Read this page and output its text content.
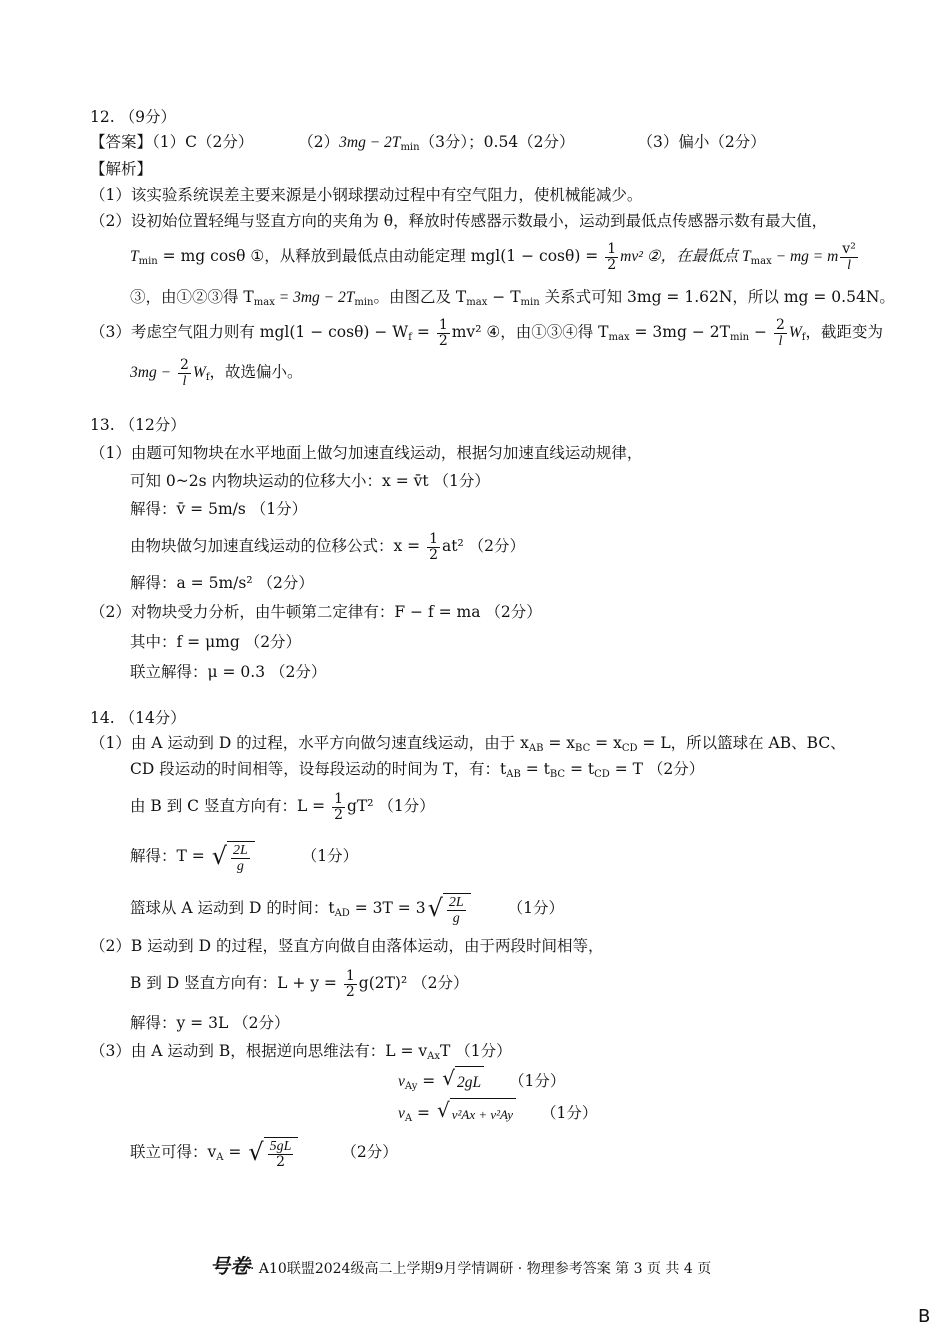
12. （9分）
【答案】（1）C（2分）	$(2)3mg - 2T_{min}(3$分）；0.54（2分）	（3）偏小（2分）
【解析】
（1）该实验系统误差主要来源是小钢球摆动过程中有空气阻力，使机械能减少。
（2）设初始位置轻绳与竖直方向的夹角为 θ，释放时传感器示数最小，运动到最低点传感器示数有最大值，
$T_{min}$ = mg cosθ ①，从释放到最低点由动能定理 $mgl(1 - \cos\theta) = \frac{1}{2} mv^2$ ②，在最低点 $T_{max}$ − mg = m $\frac{\text{v²}}{l}$
③，由①②③得 $T_{max} = 3mg - 2T_{min}$。由图乙及 $T_{max} - T_{min}$ 关系式可知 3mg = 1.62N，所以 mg = 0.54N。
（3）考虑空气阻力则有 $mgl(1 - \cos\theta) - W_f = \frac{1}{2} mv^2$ ④，由①③④得 $T_{max} = 3mg - 2T_{min} - \frac{2}{l} W_f$，截距变为
$3mg - \frac{2}{l} W_f$，故选偏小。
13. （12分）
（1）由题可知物块在水平地面上做匀加速直线运动，根据匀加速直线运动规律，
可知 0~2s 内物块运动的位移大小：x = v̄t （1分）
解得：v̄ = 5m/s （1分）
由物块做匀加速直线运动的位移公式：$x = \frac{1}{2} at^2$ （2分）
解得：a = 5m/s² （2分）
（2）对物块受力分析，由牛顿第二定律有：F − f = ma （2分）
其中：f = μmg （2分）
联立解得：μ = 0.3 （2分）
14. （14分）
（1）由 A 运动到 D 的过程，水平方向做匀速直线运动，由于 $x_{AB} = x_{BC} = x_{CD} = L$，所以篮球在 AB、BC、
CD 段运动的时间相等，设每段运动的时间为 T，有：$t_{AB} = t_{BC} = t_{CD} = T$ （2分）
由 B 到 C 竖直方向有：$L = \frac{1}{2} gT^2$ （1分）
解得：T = √ $\frac{2L}{g}$	（1分）
篮球从 A 运动到 D 的时间：$t_{AD} = 3T = 3$ √ $\frac{2L}{g}$	（1分）
（2）B 运动到 D 的过程，竖直方向做自由落体运动，由于两段时间相等，
B 到 D 竖直方向有：$L + y = \frac{1}{2} g(2T)^2$ （2分）
解得：y = 3L （2分）
（3）由 A 运动到 B，根据逆向思维法有：$L = v_{Ax}T$ （1分）
$v_{Ay}$ = √ 2gL （1分）
$v_A$ = √ v²Ax + v²Ay （1分）
联立可得：$v_A$ = √ $\frac{5gL}{2}$	（2分）
号卷· A10联盟2024级高二上学期9月学情调研 · 物理参考答案 第 3 页 共 4 页
B
